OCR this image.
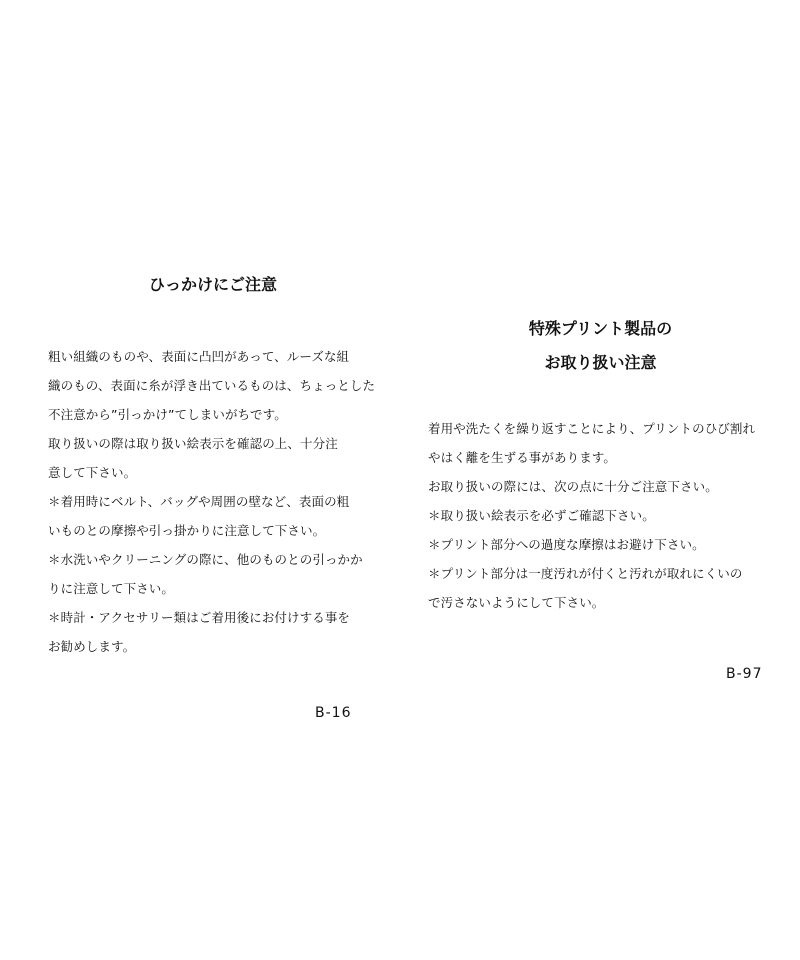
ひっかけにご注意
粗い組織のものや、表面に凸凹があって、ルーズな組
織のもの、表面に糸が浮き出ているものは、ちょっとした
不注意から”引っかけ”てしまいがちです。
取り扱いの際は取り扱い絵表示を確認の上、十分注
意して下さい。
＊着用時にベルト、バッグや周囲の壁など、表面の粗
いものとの摩擦や引っ掛かりに注意して下さい。
＊水洗いやクリーニングの際に、他のものとの引っかか
りに注意して下さい。
＊時計・アクセサリー類はご着用後にお付けする事を
お勧めします。
B-16
特殊プリント製品の
お取り扱い注意
着用や洗たくを繰り返すことにより、プリントのひび割れ
やはく離を生ずる事があります。
お取り扱いの際には、次の点に十分ご注意下さい。
＊取り扱い絵表示を必ずご確認下さい。
＊プリント部分への過度な摩擦はお避け下さい。
＊プリント部分は一度汚れが付くと汚れが取れにくいの
で汚さないようにして下さい。
B-97
